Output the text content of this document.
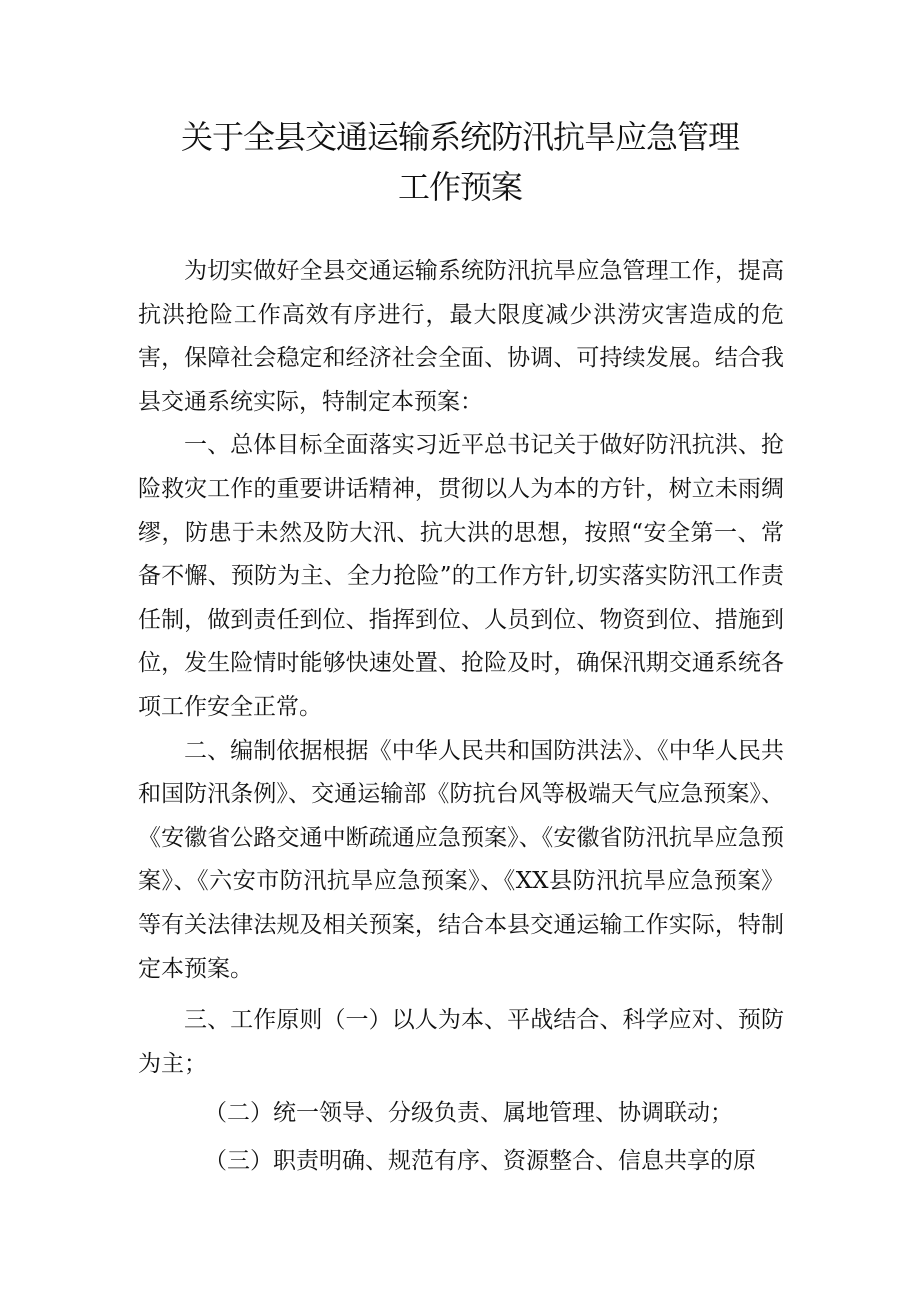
关于全县交通运输系统防汛抗旱应急管理
工作预案

为切实做好全县交通运输系统防汛抗旱应急管理工作，提高抗洪抢险工作高效有序进行，最大限度减少洪涝灾害造成的危害，保障社会稳定和经济社会全面、协调、可持续发展。结合我县交通系统实际，特制定本预案：

一、总体目标全面落实习近平总书记关于做好防汛抗洪、抢险救灾工作的重要讲话精神，贯彻以人为本的方针，树立未雨绸缪，防患于未然及防大汛、抗大洪的思想，按照“安全第一、常备不懈、预防为主、全力抢险”的工作方针,切实落实防汛工作责任制，做到责任到位、指挥到位、人员到位、物资到位、措施到位，发生险情时能够快速处置、抢险及时，确保汛期交通系统各项工作安全正常。

二、编制依据根据《中华人民共和国防洪法》、《中华人民共和国防汛条例》、交通运输部《防抗台风等极端天气应急预案》、《安徽省公路交通中断疏通应急预案》、《安徽省防汛抗旱应急预案》、《六安市防汛抗旱应急预案》、《XX县防汛抗旱应急预案》等有关法律法规及相关预案，结合本县交通运输工作实际，特制定本预案。

三、工作原则（一）以人为本、平战结合、科学应对、预防为主；

（二）统一领导、分级负责、属地管理、协调联动；

（三）职责明确、规范有序、资源整合、信息共享的原
